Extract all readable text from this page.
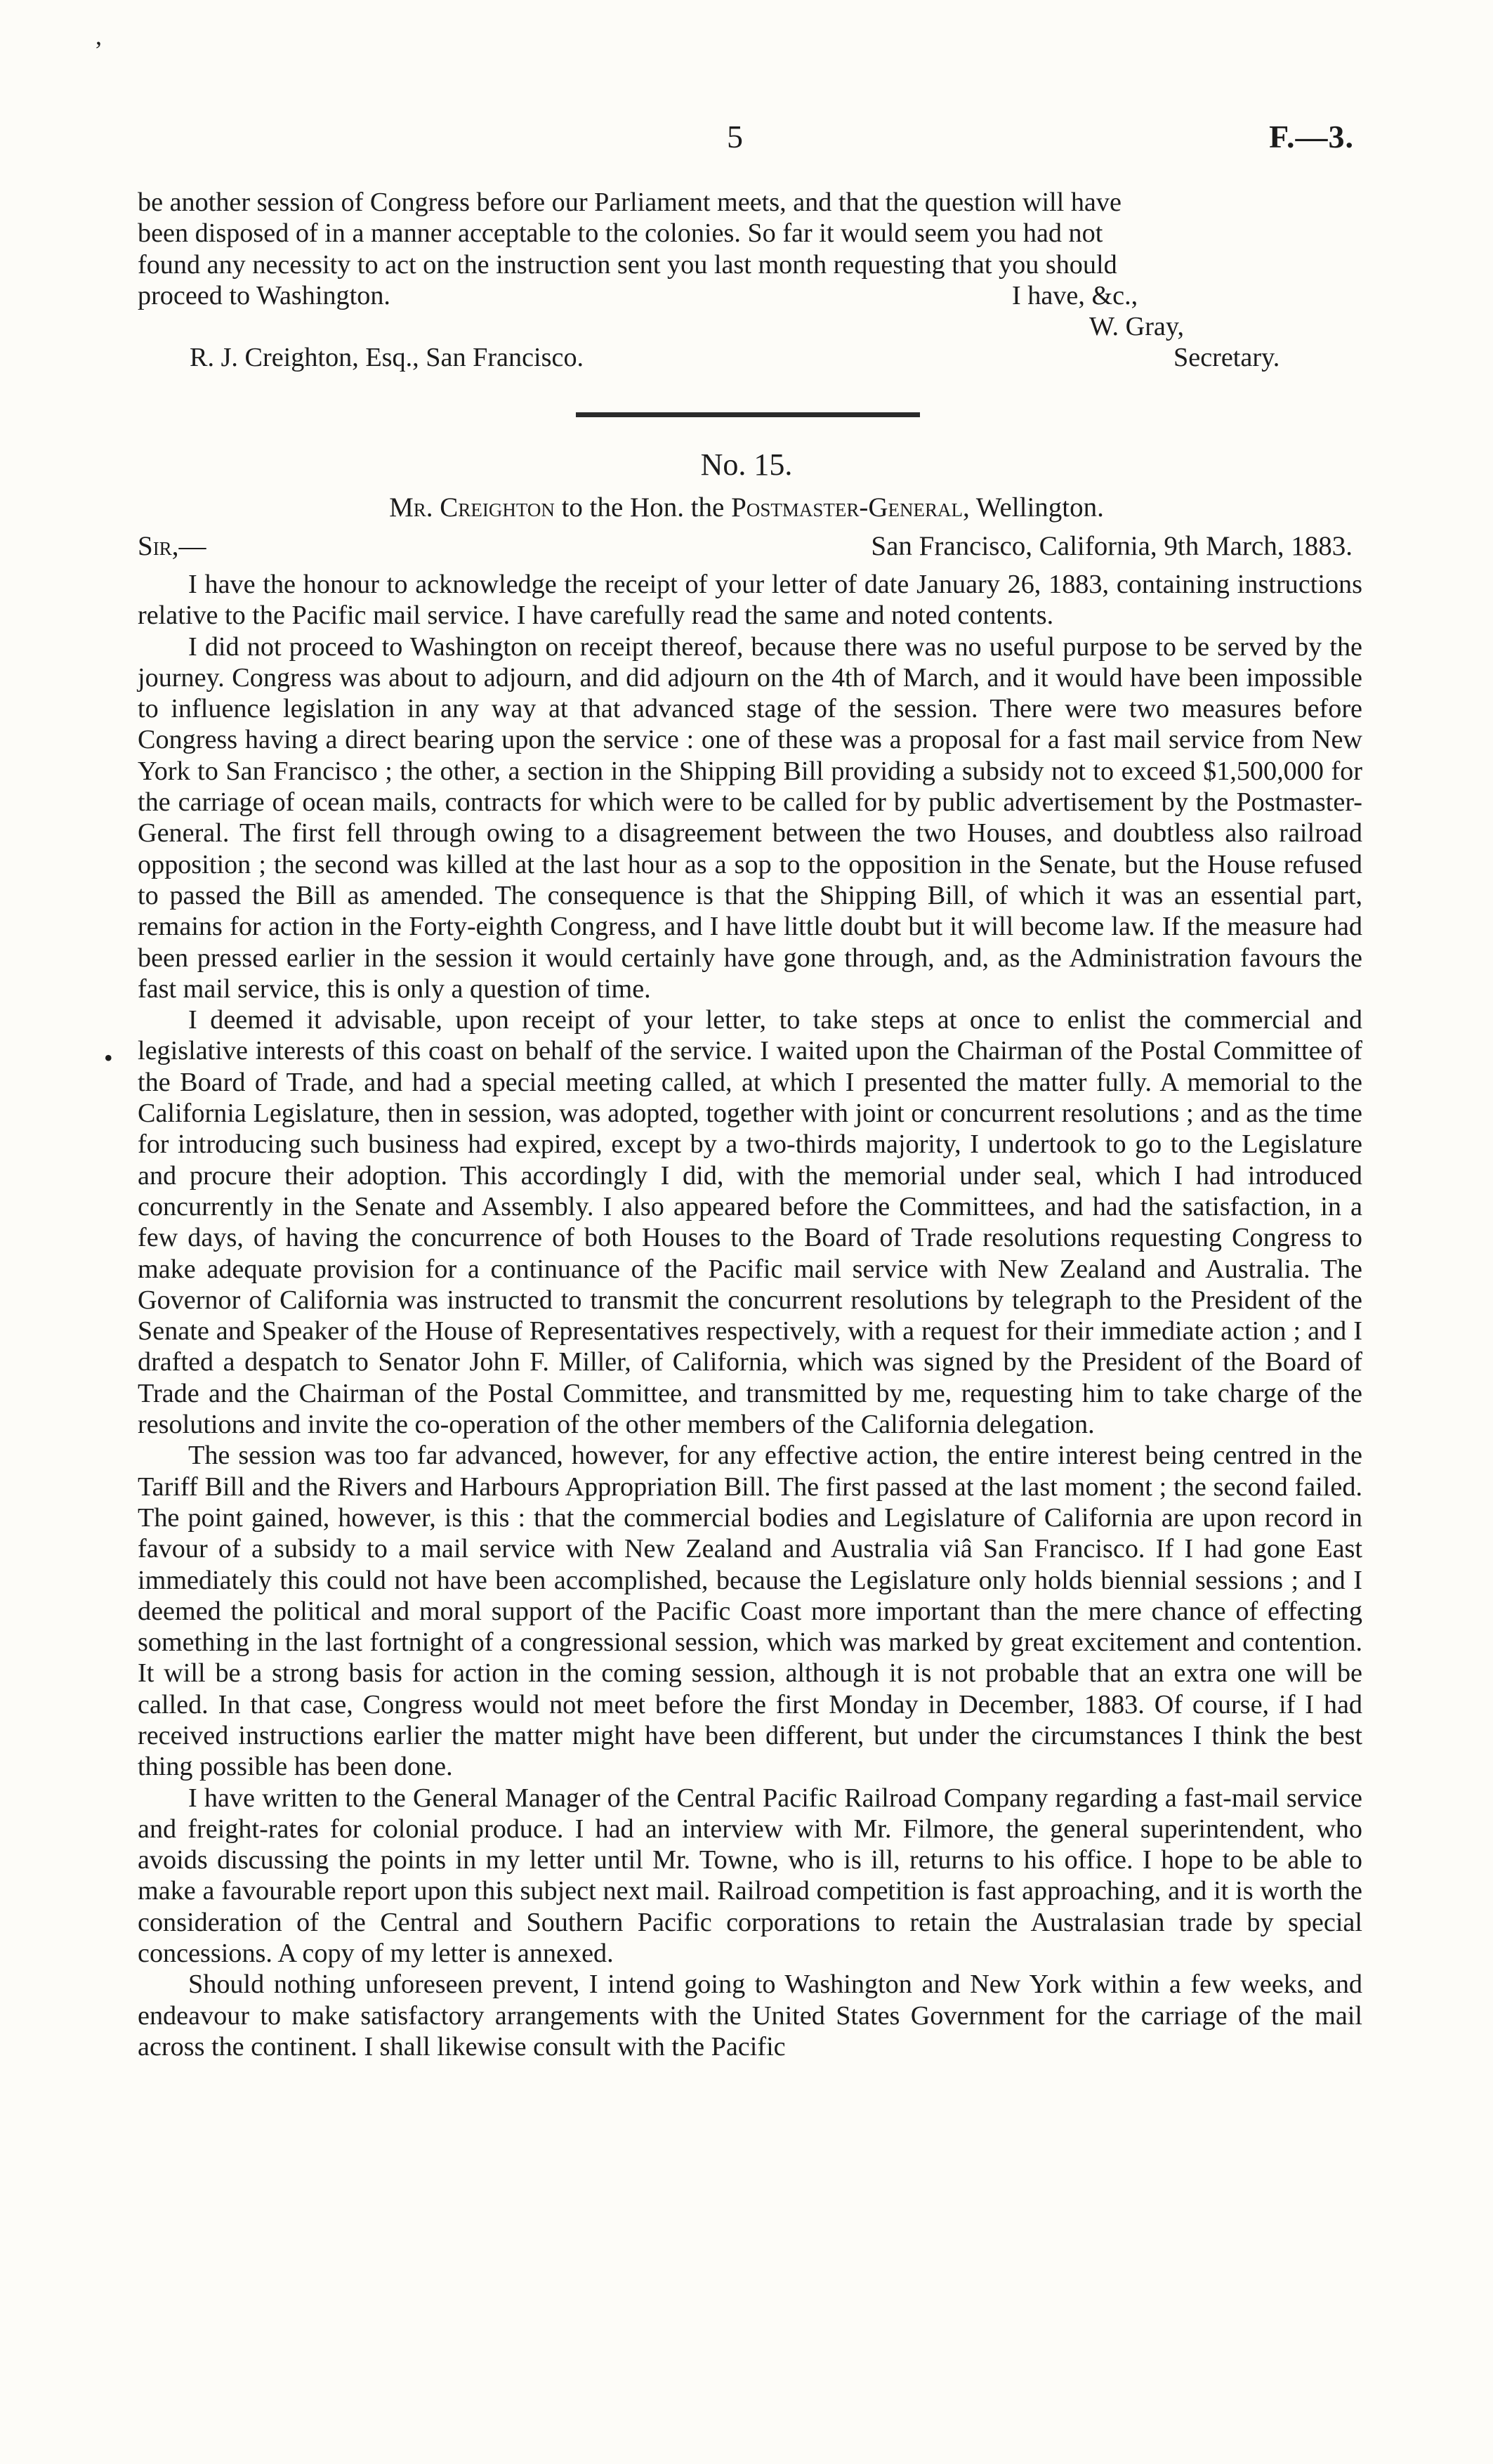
,
•
5	F.—3.

be another session of Congress before our Parliament meets, and that the question will have

been disposed of in a manner acceptable to the colonies. So far it would seem you had not

found any necessity to act on the instruction sent you last month requesting that you should

proceed to Washington.	I have, &c.,
W. Gray,
R. J. Creighton, Esq., San Francisco.	Secretary.
No. 15.
Mr. Creighton to the Hon. the Postmaster-General, Wellington.
Sir,—	San Francisco, California, 9th March, 1883.

I have the honour to acknowledge the receipt of your letter of date January 26, 1883, containing instructions relative to the Pacific mail service. I have carefully read the same and noted contents.

I did not proceed to Washington on receipt thereof, because there was no useful purpose to be served by the journey. Congress was about to adjourn, and did adjourn on the 4th of March, and it would have been impossible to influence legislation in any way at that advanced stage of the session. There were two measures before Congress having a direct bearing upon the service : one of these was a proposal for a fast mail service from New York to San Francisco ; the other, a section in the Shipping Bill providing a subsidy not to exceed $1,500,000 for the carriage of ocean mails, contracts for which were to be called for by public advertisement by the Postmaster-General. The first fell through owing to a disagreement between the two Houses, and doubtless also railroad opposition ; the second was killed at the last hour as a sop to the opposition in the Senate, but the House refused to passed the Bill as amended. The consequence is that the Shipping Bill, of which it was an essential part, remains for action in the Forty-eighth Congress, and I have little doubt but it will become law. If the measure had been pressed earlier in the session it would certainly have gone through, and, as the Administration favours the fast mail service, this is only a question of time.

I deemed it advisable, upon receipt of your letter, to take steps at once to enlist the commercial and legislative interests of this coast on behalf of the service. I waited upon the Chairman of the Postal Committee of the Board of Trade, and had a special meeting called, at which I presented the matter fully. A memorial to the California Legislature, then in session, was adopted, together with joint or concurrent resolutions ; and as the time for introducing such business had expired, except by a two-thirds majority, I undertook to go to the Legislature and procure their adoption. This accordingly I did, with the memorial under seal, which I had introduced concurrently in the Senate and Assembly. I also appeared before the Committees, and had the satisfaction, in a few days, of having the concurrence of both Houses to the Board of Trade resolutions requesting Congress to make adequate provision for a continuance of the Pacific mail service with New Zealand and Australia. The Governor of California was instructed to transmit the concurrent resolutions by telegraph to the President of the Senate and Speaker of the House of Representatives respectively, with a request for their immediate action ; and I drafted a despatch to Senator John F. Miller, of California, which was signed by the President of the Board of Trade and the Chairman of the Postal Committee, and transmitted by me, requesting him to take charge of the resolutions and invite the co-operation of the other members of the California delegation.

The session was too far advanced, however, for any effective action, the entire interest being centred in the Tariff Bill and the Rivers and Harbours Appropriation Bill. The first passed at the last moment ; the second failed. The point gained, however, is this : that the commercial bodies and Legislature of California are upon record in favour of a subsidy to a mail service with New Zealand and Australia viâ San Francisco. If I had gone East immediately this could not have been accomplished, because the Legislature only holds biennial sessions ; and I deemed the political and moral support of the Pacific Coast more important than the mere chance of effecting something in the last fortnight of a congressional session, which was marked by great excitement and contention. It will be a strong basis for action in the coming session, although it is not probable that an extra one will be called. In that case, Congress would not meet before the first Monday in December, 1883. Of course, if I had received instructions earlier the matter might have been different, but under the circumstances I think the best thing possible has been done.

I have written to the General Manager of the Central Pacific Railroad Company regarding a fast-mail service and freight-rates for colonial produce. I had an interview with Mr. Filmore, the general superintendent, who avoids discussing the points in my letter until Mr. Towne, who is ill, returns to his office. I hope to be able to make a favourable report upon this subject next mail. Railroad competition is fast approaching, and it is worth the consideration of the Central and Southern Pacific corporations to retain the Australasian trade by special concessions. A copy of my letter is annexed.

Should nothing unforeseen prevent, I intend going to Washington and New York within a few weeks, and endeavour to make satisfactory arrangements with the United States Government for the carriage of the mail across the continent. I shall likewise consult with the Pacific
